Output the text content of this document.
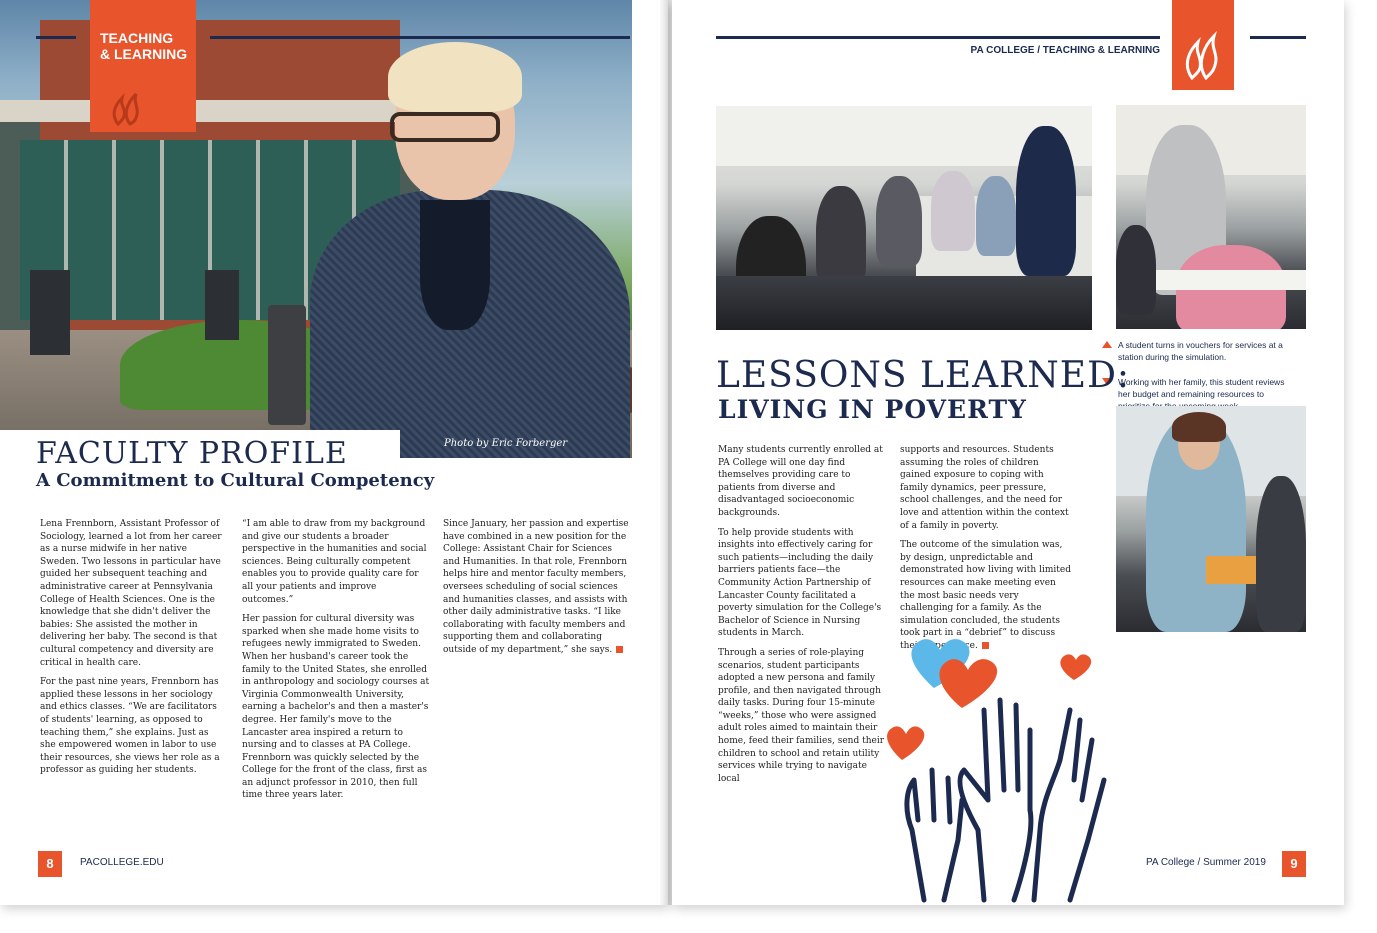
TEACHING
& LEARNING
FACULTY PROFILE
A Commitment to Cultural Competency
Photo by Eric Forberger

Lena Frennborn, Assistant Professor of Sociology, learned a lot from her career as a nurse midwife in her native Sweden. Two lessons in particular have guided her subsequent teaching and administrative career at Pennsylvania College of Health Sciences. One is the knowledge that she didn't deliver the babies: She assisted the mother in delivering her baby. The second is that cultural competency and diversity are critical in health care.

For the past nine years, Frennborn has applied these lessons in her sociology and ethics classes. “We are facilitators of students' learning, as opposed to teaching them,” she explains. Just as she empowered women in labor to use their resources, she views her role as a professor as guiding her students.

“I am able to draw from my background and give our students a broader perspective in the humanities and social sciences. Being culturally competent enables you to provide quality care for all your patients and improve outcomes.”

Her passion for cultural diversity was sparked when she made home visits to refugees newly immigrated to Sweden. When her husband's career took the family to the United States, she enrolled in anthropology and sociology courses at Virginia Commonwealth University, earning a bachelor's and then a master's degree. Her family's move to the Lancaster area inspired a return to nursing and to classes at PA College. Frennborn was quickly selected by the College for the front of the class, first as an adjunct professor in 2010, then full time three years later.

Since January, her passion and expertise have combined in a new position for the College: Assistant Chair for Sciences and Humanities. In that role, Frennborn helps hire and mentor faculty members, oversees scheduling of social sciences and humanities classes, and assists with other daily administrative tasks. “I like collaborating with faculty members and supporting them and collaborating outside of my department,” she says.

8	PACOLLEGE.EDU
PA COLLEGE / TEACHING & LEARNING
A student turns in vouchers for services at a station during the simulation.
Working with her family, this student reviews her budget and remaining resources to
LESSONS LEARNED:
LIVING IN POVERTY

Many students currently enrolled at PA College will one day find themselves providing care to patients from diverse and disadvantaged socioeconomic backgrounds.

To help provide students with insights into effectively caring for such patients—including the daily barriers patients face—the Community Action Partnership of Lancaster County facilitated a poverty simulation for the College's Bachelor of Science in Nursing students in March.

Through a series of role-playing scenarios, student participants adopted a new persona and family profile, and then navigated through daily tasks. During four 15-minute “weeks,” those who were assigned adult roles aimed to maintain their home, feed their families, send their children to school and retain utility services while trying to navigate local

supports and resources. Students assuming the roles of children gained exposure to coping with family dynamics, peer pressure, school challenges, and the need for love and attention within the context of a family in poverty.

The outcome of the simulation was, by design, unpredictable and demonstrated how living with limited resources can make meeting even the most basic needs very challenging for a family. As the simulation concluded, the students took part in a “debrief” to discuss their experience.

PA College / Summer 2019	9
